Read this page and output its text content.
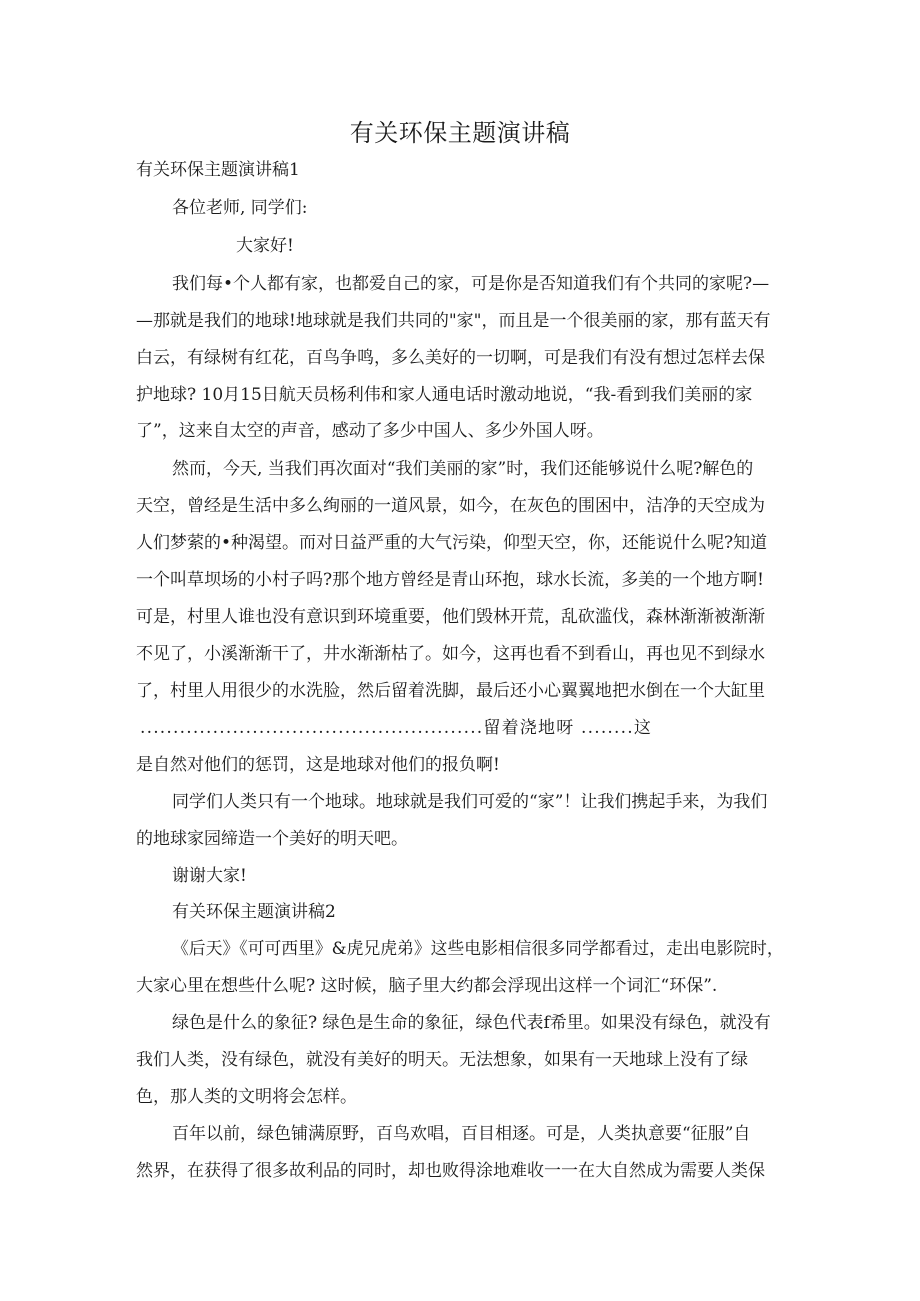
有关环保主题演讲稿
有关环保主题演讲稿1
各位老师, 同学们:
大家好!
我们每•个人都有家，也都爱自己的家，可是你是否知道我们有个共同的家呢?—
—那就是我们的地球!地球就是我们共同的"家"，而且是一个很美丽的家，那有蓝天有
白云，有绿树有红花，百鸟争鸣，多么美好的一切啊，可是我们有没有想过怎样去保
护地球? 10月15日航天员杨利伟和家人通电话时激动地说，“我-看到我们美丽的家
了”，这来自太空的声音，感动了多少中国人、多少外国人呀。
然而，今天, 当我们再次面对“我们美丽的家”时，我们还能够说什么呢?解色的
天空，曾经是生活中多么绚丽的一道风景，如今，在灰色的围困中，洁净的天空成为
人们梦萦的•种渴望。而对日益严重的大气污染，仰型天空，你，还能说什么呢?知道
一个叫草坝场的小村子吗?那个地方曾经是青山环抱，球水长流，多美的一个地方啊!
可是，村里人谁也没有意识到环境重要，他们毁林开荒，乱砍滥伐，森林渐渐被渐渐
不见了，小溪渐渐干了，井水渐渐枯了。如今，这再也看不到看山，再也见不到绿水
了，村里人用很少的水洗脸，然后留着洗脚，最后还小心翼翼地把水倒在一个大缸里
....................................................留着浇地呀 ........这
是自然对他们的惩罚，这是地球对他们的报负啊!
同学们人类只有一个地球。地球就是我们可爱的“家”！让我们携起手来，为我们
的地球家园缔造一个美好的明天吧。
谢谢大家!
有关环保主题演讲稿2
《后天》《可可西里》&虎兄虎弟》这些电影相信很多同学都看过，走出电影院时，
大家心里在想些什么呢? 这时候，脑子里大约都会浮现出这样一个词汇“环保”.
绿色是什么的象征? 绿色是生命的象征，绿色代表f希里。如果没有绿色，就没有
我们人类，没有绿色，就没有美好的明天。无法想象，如果有一天地球上没有了绿
色，那人类的文明将会怎样。
百年以前，绿色铺满原野，百鸟欢唱，百目相逐。可是，人类执意要“征服”自
然界，在获得了很多故利品的同时，却也败得涂地难收一一在大自然成为需要人类保
